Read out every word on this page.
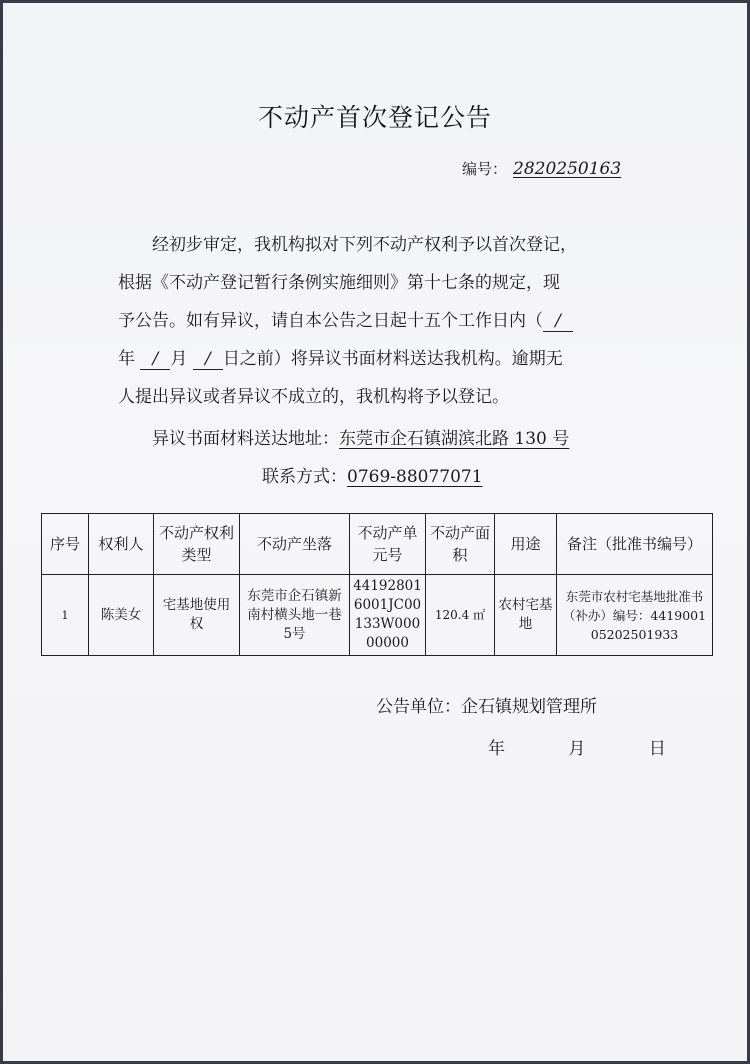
不动产首次登记公告
编号： 2820250163
经初步审定，我机构拟对下列不动产权利予以首次登记，
根据《不动产登记暂行条例实施细则》第十七条的规定，现
予公告。如有异议，请自本公告之日起十五个工作日内（ /
年 / 月 / 日之前）将异议书面材料送达我机构。逾期无
人提出异议或者异议不成立的，我机构将予以登记。
异议书面材料送达地址：东莞市企石镇湖滨北路 130 号
联系方式：0769-88077071
序号	权利人	不动产权利类型	不动产坐落	不动产单元号	不动产面积	用途	备注（批准书编号）
1	陈美女	宅基地使用权	东莞市企石镇新南村横头地一巷5号	441928016001JC00133W00000000	120.4 ㎡	农村宅基地	东莞市农村宅基地批准书（补办）编号：441900105202501933
公告单位：企石镇规划管理所
年	月	日
